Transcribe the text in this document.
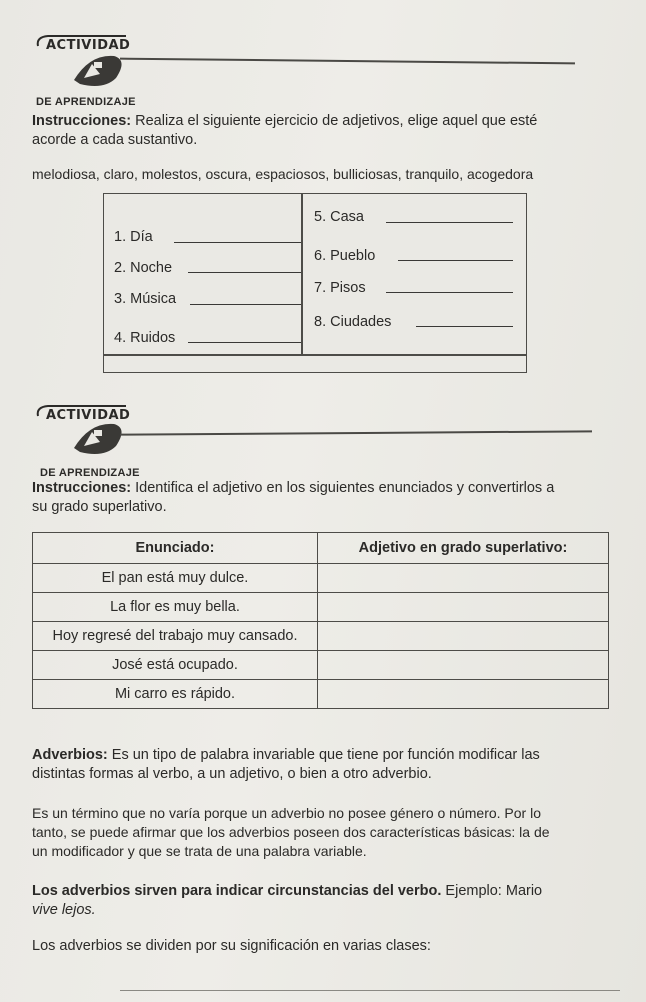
ACTIVIDAD
DE APRENDIZAJE
Instrucciones: Realiza el siguiente ejercicio de adjetivos, elige aquel que esté
acorde a cada sustantivo.
melodiosa, claro, molestos, oscura, espaciosos, bulliciosas, tranquilo, acogedora
1. Día
2. Noche
3. Música
4. Ruidos
5. Casa
6. Pueblo
7. Pisos
8. Ciudades
ACTIVIDAD
DE APRENDIZAJE
Instrucciones: Identifica el adjetivo en los siguientes enunciados y convertirlos a
su grado superlativo.
Enunciado:	Adjetivo en grado superlativo:
El pan está muy dulce.	
La flor es muy bella.	
Hoy regresé del trabajo muy cansado.	
José está ocupado.	
Mi carro es rápido.	
Adverbios: Es un tipo de palabra invariable que tiene por función modificar las
distintas formas al verbo, a un adjetivo, o bien a otro adverbio.
Es un término que no varía porque un adverbio no posee género o número. Por lo
tanto, se puede afirmar que los adverbios poseen dos características básicas: la de
un modificador y que se trata de una palabra variable.
Los adverbios sirven para indicar circunstancias del verbo. Ejemplo: Mario
vive lejos.
Los adverbios se dividen por su significación en varias clases:
